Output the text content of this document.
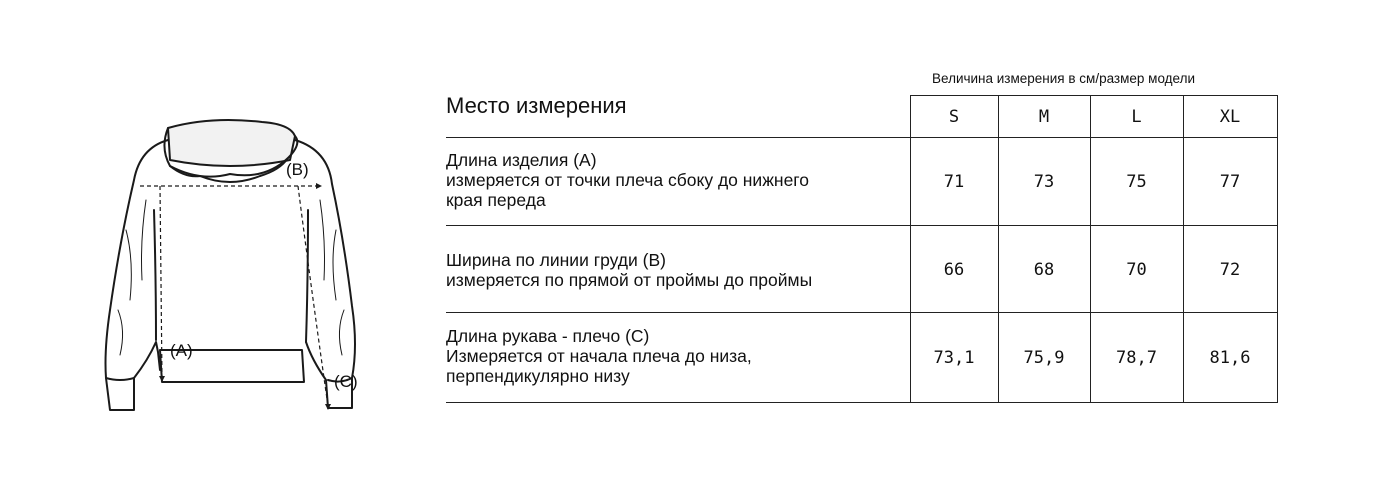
(A)
(B)
(C)
Величина измерения в см/размер модели
Место измерения	S	M	L	XL
Длина изделия (A)
измеряется от точки плеча сбоку до нижнего
края переда
71	73	75	77
Ширина по линии груди (B)
измеряется по прямой от проймы до проймы	66	68	70	72
Длина рукава - плечо (C)
Измеряется от начала плеча до низа,
перпендикулярно низу
73,1	75,9	78,7	81,6
